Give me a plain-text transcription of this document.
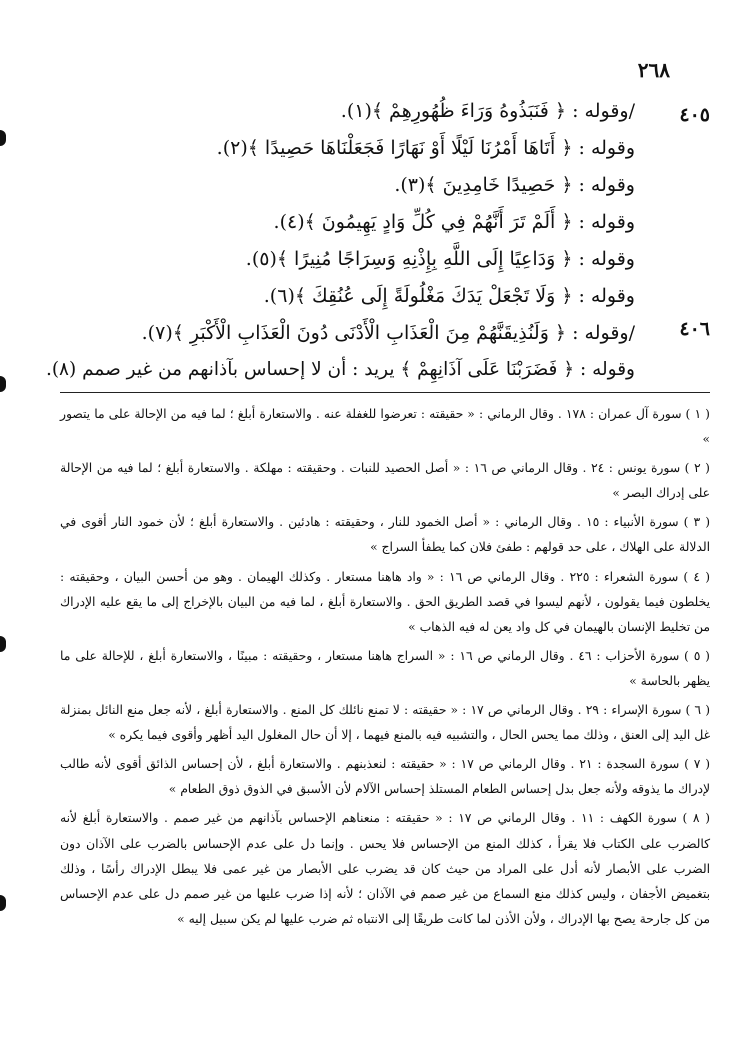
٢٦٨
٤٠٥
٤٠٦
/وقوله : ﴿ فَنَبَذُوهُ وَرَاءَ ظُهُورِهِمْ ﴾(١).
وقوله : ﴿ أَتَاهَا أَمْرُنَا لَيْلًا أَوْ نَهَارًا فَجَعَلْنَاهَا حَصِيدًا ﴾(٢).
وقوله : ﴿ حَصِيدًا خَامِدِينَ ﴾(٣).
وقوله : ﴿ أَلَمْ تَرَ أَنَّهُمْ فِي كُلِّ وَادٍ يَهِيمُونَ ﴾(٤).
وقوله : ﴿ وَدَاعِيًا إِلَى اللَّهِ بِإِذْنِهِ وَسِرَاجًا مُنِيرًا ﴾(٥).
وقوله : ﴿ وَلَا تَجْعَلْ يَدَكَ مَغْلُولَةً إِلَى عُنُقِكَ ﴾(٦).
/وقوله : ﴿ وَلَنُذِيقَنَّهُمْ مِنَ الْعَذَابِ الْأَدْنَى دُونَ الْعَذَابِ الْأَكْبَرِ ﴾(٧).
وقوله : ﴿ فَضَرَبْنَا عَلَى آذَانِهِمْ ﴾ يريد : أن لا إحساس بآذانهم من غير صمم (٨).
( ١ ) سورة آل عمران : ١٧٨ . وقال الرماني : « حقيقته : تعرضوا للغفلة عنه . والاستعارة أبلغ ؛ لما فيه من الإحالة على ما يتصور »
( ٢ ) سورة يونس : ٢٤ . وقال الرماني ص ١٦ : « أصل الحصيد للنبات . وحقيقته : مهلكة . والاستعارة أبلغ ؛ لما فيه من الإحالة على إدراك البصر »
( ٣ ) سورة الأنبياء : ١٥ . وقال الرماني : « أصل الخمود للنار ، وحقيقته : هادئين . والاستعارة أبلغ ؛ لأن خمود النار أقوى في الدلالة على الهلاك ، على حد قولهم : طفئ فلان كما يطفأ السراج »
( ٤ ) سورة الشعراء : ٢٢٥ . وقال الرماني ص ١٦ : « واد هاهنا مستعار . وكذلك الهيمان . وهو من أحسن البيان ، وحقيقته : يخلطون فيما يقولون ، لأنهم ليسوا في قصد الطريق الحق . والاستعارة أبلغ ، لما فيه من البيان بالإخراج إلى ما يقع عليه الإدراك من تخليط الإنسان بالهيمان في كل واد يعن له فيه الذهاب »
( ٥ ) سورة الأحزاب : ٤٦ . وقال الرماني ص ١٦ : « السراج هاهنا مستعار ، وحقيقته : مبينًا ، والاستعارة أبلغ ، للإحالة على ما يظهر بالحاسة »
( ٦ ) سورة الإسراء : ٢٩ . وقال الرماني ص ١٧ : « حقيقته : لا تمنع نائلك كل المنع . والاستعارة أبلغ ، لأنه جعل منع النائل بمنزلة غل اليد إلى العنق ، وذلك مما يحس الحال ، والتشبيه فيه بالمنع فيهما ، إلا أن حال المغلول اليد أظهر وأقوى فيما يكره »
( ٧ ) سورة السجدة : ٢١ . وقال الرماني ص ١٧ : « حقيقته : لنعذبنهم . والاستعارة أبلغ ، لأن إحساس الذائق أقوى لأنه طالب لإدراك ما يذوقه ولأنه جعل بدل إحساس الطعام المستلذ إحساس الآلام لأن الأسبق في الذوق ذوق الطعام »
( ٨ ) سورة الكهف : ١١ . وقال الرماني ص ١٧ : « حقيقته : منعناهم الإحساس بآذانهم من غير صمم . والاستعارة أبلغ لأنه كالضرب على الكتاب فلا يقرأ ، كذلك المنع من الإحساس فلا يحس . وإنما دل على عدم الإحساس بالضرب على الآذان دون الضرب على الأبصار لأنه أدل على المراد من حيث كان قد يضرب على الأبصار من غير عمى فلا يبطل الإدراك رأسًا ، وذلك بتغميض الأجفان ، وليس كذلك منع السماع من غير صمم في الآذان ؛ لأنه إذا ضرب عليها من غير صمم دل على عدم الإحساس من كل جارحة يصح بها الإدراك ، ولأن الأذن لما كانت طريقًا إلى الانتباه ثم ضرب عليها لم يكن سبيل إليه »
